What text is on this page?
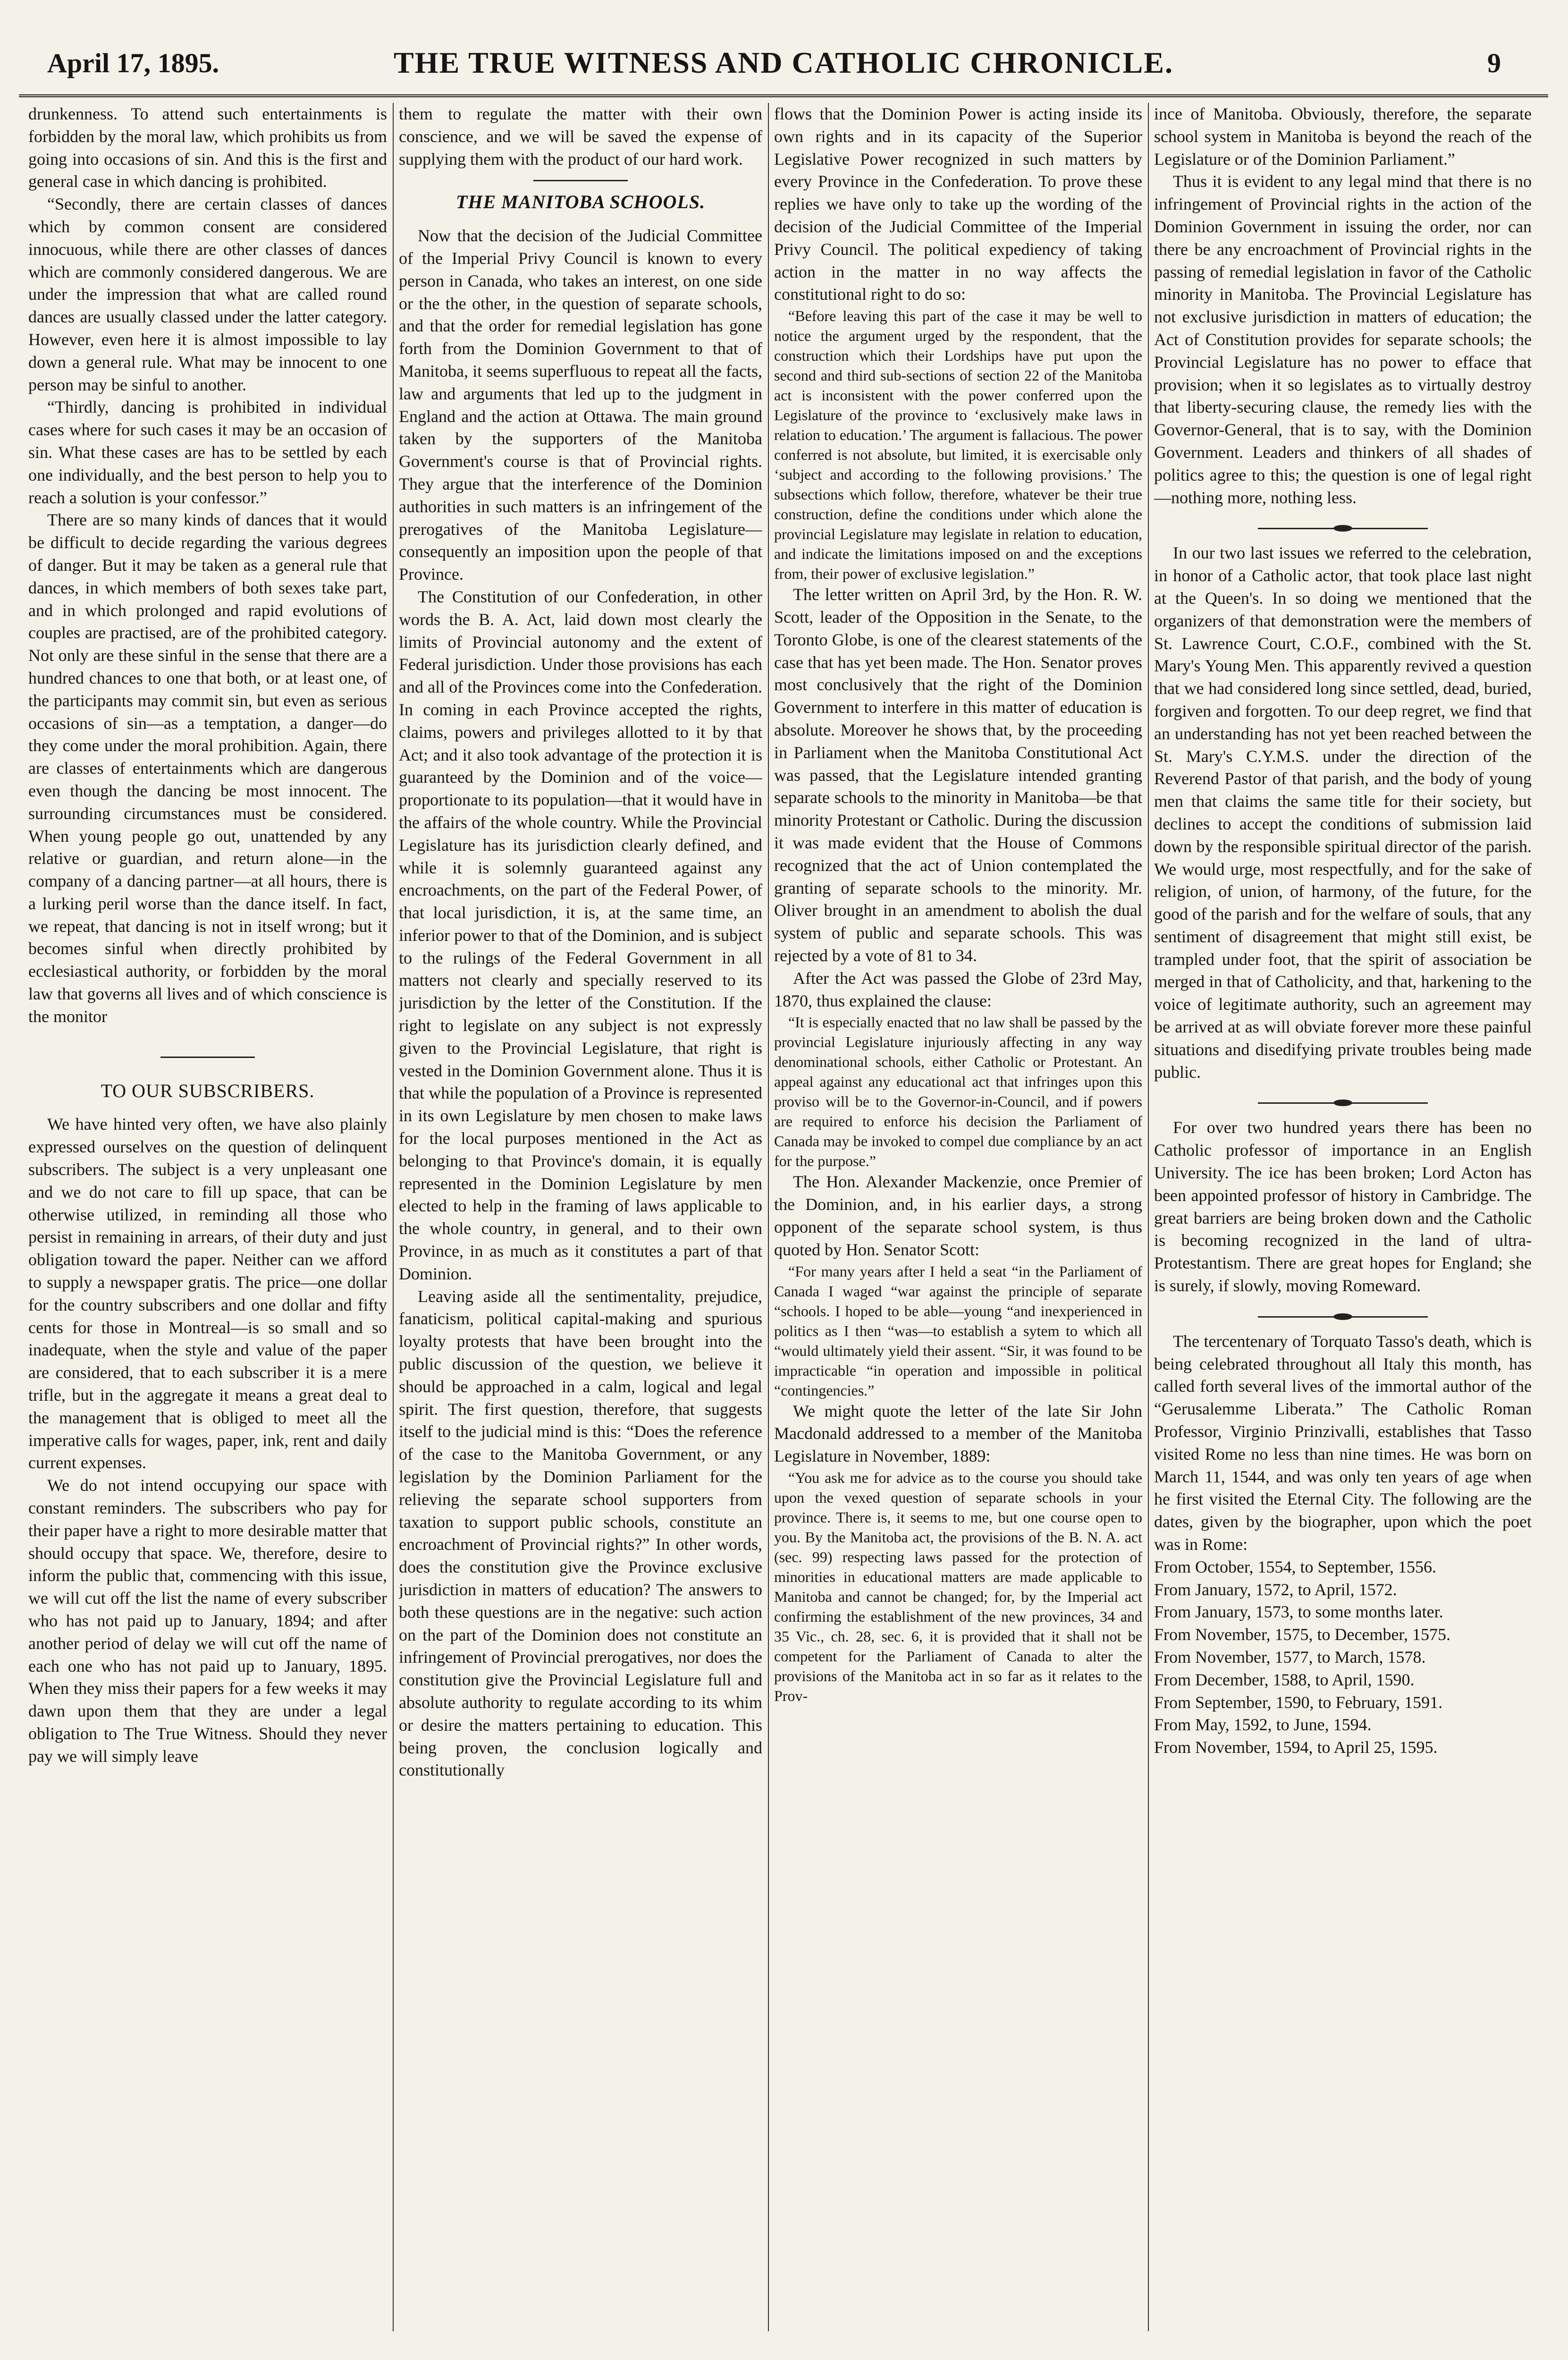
April 17, 1895.	THE TRUE WITNESS AND CATHOLIC CHRONICLE.	9

drunkenness. To attend such entertainments is forbidden by the moral law, which prohibits us from going into occasions of sin. And this is the first and general case in which dancing is prohibited.

“Secondly, there are certain classes of dances which by common consent are considered innocuous, while there are other classes of dances which are commonly considered dangerous. We are under the impression that what are called round dances are usually classed under the latter category. However, even here it is almost impossible to lay down a general rule. What may be innocent to one person may be sinful to another.

“Thirdly, dancing is prohibited in individual cases where for such cases it may be an occasion of sin. What these cases are has to be settled by each one individually, and the best person to help you to reach a solution is your confessor.”

There are so many kinds of dances that it would be difficult to decide regarding the various degrees of danger. But it may be taken as a general rule that dances, in which members of both sexes take part, and in which prolonged and rapid evolutions of couples are practised, are of the prohibited category. Not only are these sinful in the sense that there are a hundred chances to one that both, or at least one, of the participants may commit sin, but even as serious occasions of sin—as a temptation, a danger—do they come under the moral prohibition. Again, there are classes of entertainments which are dangerous even though the dancing be most innocent. The surrounding circumstances must be considered. When young people go out, unattended by any relative or guardian, and return alone—in the company of a dancing partner—at all hours, there is a lurking peril worse than the dance itself. In fact, we repeat, that dancing is not in itself wrong; but it becomes sinful when directly prohibited by ecclesiastical authority, or forbidden by the moral law that governs all lives and of which conscience is the monitor

TO OUR SUBSCRIBERS.

We have hinted very often, we have also plainly expressed ourselves on the question of delinquent subscribers. The subject is a very unpleasant one and we do not care to fill up space, that can be otherwise utilized, in reminding all those who persist in remaining in arrears, of their duty and just obligation toward the paper. Neither can we afford to supply a newspaper gratis. The price—one dollar for the country subscribers and one dollar and fifty cents for those in Montreal—is so small and so inadequate, when the style and value of the paper are considered, that to each subscriber it is a mere trifle, but in the aggregate it means a great deal to the management that is obliged to meet all the imperative calls for wages, paper, ink, rent and daily current expenses.

We do not intend occupying our space with constant reminders. The subscribers who pay for their paper have a right to more desirable matter that should occupy that space. We, therefore, desire to inform the public that, commencing with this issue, we will cut off the list the name of every subscriber who has not paid up to January, 1894; and after another period of delay we will cut off the name of each one who has not paid up to January, 1895. When they miss their papers for a few weeks it may dawn upon them that they are under a legal obligation to The True Witness. Should they never pay we will simply leave

them to regulate the matter with their own conscience, and we will be saved the expense of supplying them with the product of our hard work.

THE MANITOBA SCHOOLS.

Now that the decision of the Judicial Committee of the Imperial Privy Council is known to every person in Canada, who takes an interest, on one side or the the other, in the question of separate schools, and that the order for remedial legislation has gone forth from the Dominion Government to that of Manitoba, it seems superfluous to repeat all the facts, law and arguments that led up to the judgment in England and the action at Ottawa. The main ground taken by the supporters of the Manitoba Government's course is that of Provincial rights. They argue that the interference of the Dominion authorities in such matters is an infringement of the prerogatives of the Manitoba Legislature—consequently an imposition upon the people of that Province.

The Constitution of our Confederation, in other words the B. A. Act, laid down most clearly the limits of Provincial autonomy and the extent of Federal jurisdiction. Under those provisions has each and all of the Provinces come into the Confederation. In coming in each Province accepted the rights, claims, powers and privileges allotted to it by that Act; and it also took advantage of the protection it is guaranteed by the Dominion and of the voice—proportionate to its population—that it would have in the affairs of the whole country. While the Provincial Legislature has its jurisdiction clearly defined, and while it is solemnly guaranteed against any encroachments, on the part of the Federal Power, of that local jurisdiction, it is, at the same time, an inferior power to that of the Dominion, and is subject to the rulings of the Federal Government in all matters not clearly and specially reserved to its jurisdiction by the letter of the Constitution. If the right to legislate on any subject is not expressly given to the Provincial Legislature, that right is vested in the Dominion Government alone. Thus it is that while the population of a Province is represented in its own Legislature by men chosen to make laws for the local purposes mentioned in the Act as belonging to that Province's domain, it is equally represented in the Dominion Legislature by men elected to help in the framing of laws applicable to the whole country, in general, and to their own Province, in as much as it constitutes a part of that Dominion.

Leaving aside all the sentimentality, prejudice, fanaticism, political capital-making and spurious loyalty protests that have been brought into the public discussion of the question, we believe it should be approached in a calm, logical and legal spirit. The first question, therefore, that suggests itself to the judicial mind is this: “Does the reference of the case to the Manitoba Government, or any legislation by the Dominion Parliament for the relieving the separate school supporters from taxation to support public schools, constitute an encroachment of Provincial rights?” In other words, does the constitution give the Province exclusive jurisdiction in matters of education? The answers to both these questions are in the negative: such action on the part of the Dominion does not constitute an infringement of Provincial prerogatives, nor does the constitution give the Provincial Legislature full and absolute authority to regulate according to its whim or desire the matters pertaining to education. This being proven, the conclusion logically and constitutionally

flows that the Dominion Power is acting inside its own rights and in its capacity of the Superior Legislative Power recognized in such matters by every Province in the Confederation. To prove these replies we have only to take up the wording of the decision of the Judicial Committee of the Imperial Privy Council. The political expediency of taking action in the matter in no way affects the constitutional right to do so:

“Before leaving this part of the case it may be well to notice the argument urged by the respondent, that the construction which their Lordships have put upon the second and third sub-sections of section 22 of the Manitoba act is inconsistent with the power conferred upon the Legislature of the province to ‘exclusively make laws in relation to education.’ The argument is fallacious. The power conferred is not absolute, but limited, it is exercisable only ‘subject and according to the following provisions.’ The subsections which follow, therefore, whatever be their true construction, define the conditions under which alone the provincial Legislature may legislate in relation to education, and indicate the limitations imposed on and the exceptions from, their power of exclusive legislation.”

The letter written on April 3rd, by the Hon. R. W. Scott, leader of the Opposition in the Senate, to the Toronto Globe, is one of the clearest statements of the case that has yet been made. The Hon. Senator proves most conclusively that the right of the Dominion Government to interfere in this matter of education is absolute. Moreover he shows that, by the proceeding in Parliament when the Manitoba Constitutional Act was passed, that the Legislature intended granting separate schools to the minority in Manitoba—be that minority Protestant or Catholic. During the discussion it was made evident that the House of Commons recognized that the act of Union contemplated the granting of separate schools to the minority. Mr. Oliver brought in an amendment to abolish the dual system of public and separate schools. This was rejected by a vote of 81 to 34.

After the Act was passed the Globe of 23rd May, 1870, thus explained the clause:

“It is especially enacted that no law shall be passed by the provincial Legislature injuriously affecting in any way denominational schools, either Catholic or Protestant. An appeal against any educational act that infringes upon this proviso will be to the Governor-in-Council, and if powers are required to enforce his decision the Parliament of Canada may be invoked to compel due compliance by an act for the purpose.”

The Hon. Alexander Mackenzie, once Premier of the Dominion, and, in his earlier days, a strong opponent of the separate school system, is thus quoted by Hon. Senator Scott:

“For many years after I held a seat “in the Parliament of Canada I waged “war against the principle of separate “schools. I hoped to be able—young “and inexperienced in politics as I then “was—to establish a sytem to which all “would ultimately yield their assent. “Sir, it was found to be impracticable “in operation and impossible in political “contingencies.”

We might quote the letter of the late Sir John Macdonald addressed to a member of the Manitoba Legislature in November, 1889:

“You ask me for advice as to the course you should take upon the vexed question of separate schools in your province. There is, it seems to me, but one course open to you. By the Manitoba act, the provisions of the B. N. A. act (sec. 99) respecting laws passed for the protection of minorities in educational matters are made applicable to Manitoba and cannot be changed; for, by the Imperial act confirming the establishment of the new provinces, 34 and 35 Vic., ch. 28, sec. 6, it is provided that it shall not be competent for the Parliament of Canada to alter the provisions of the Manitoba act in so far as it relates to the Prov-

ince of Manitoba. Obviously, therefore, the separate school system in Manitoba is beyond the reach of the Legislature or of the Dominion Parliament.”

Thus it is evident to any legal mind that there is no infringement of Provincial rights in the action of the Dominion Government in issuing the order, nor can there be any encroachment of Provincial rights in the passing of remedial legislation in favor of the Catholic minority in Manitoba. The Provincial Legislature has not exclusive jurisdiction in matters of education; the Act of Constitution provides for separate schools; the Provincial Legislature has no power to efface that provision; when it so legislates as to virtually destroy that liberty-securing clause, the remedy lies with the Governor-General, that is to say, with the Dominion Government. Leaders and thinkers of all shades of politics agree to this; the question is one of legal right—nothing more, nothing less.

In our two last issues we referred to the celebration, in honor of a Catholic actor, that took place last night at the Queen's. In so doing we mentioned that the organizers of that demonstration were the members of St. Lawrence Court, C.O.F., combined with the St. Mary's Young Men. This apparently revived a question that we had considered long since settled, dead, buried, forgiven and forgotten. To our deep regret, we find that an understanding has not yet been reached between the St. Mary's C.Y.M.S. under the direction of the Reverend Pastor of that parish, and the body of young men that claims the same title for their society, but declines to accept the conditions of submission laid down by the responsible spiritual director of the parish. We would urge, most respectfully, and for the sake of religion, of union, of harmony, of the future, for the good of the parish and for the welfare of souls, that any sentiment of disagreement that might still exist, be trampled under foot, that the spirit of association be merged in that of Catholicity, and that, harkening to the voice of legitimate authority, such an agreement may be arrived at as will obviate forever more these painful situations and disedifying private troubles being made public.

For over two hundred years there has been no Catholic professor of importance in an English University. The ice has been broken; Lord Acton has been appointed professor of history in Cambridge. The great barriers are being broken down and the Catholic is becoming recognized in the land of ultra-Protestantism. There are great hopes for England; she is surely, if slowly, moving Romeward.

The tercentenary of Torquato Tasso's death, which is being celebrated throughout all Italy this month, has called forth several lives of the immortal author of the “Gerusalemme Liberata.” The Catholic Roman Professor, Virginio Prinzivalli, establishes that Tasso visited Rome no less than nine times. He was born on March 11, 1544, and was only ten years of age when he first visited the Eternal City. The following are the dates, given by the biographer, upon which the poet was in Rome:

From October, 1554, to September, 1556.

From January, 1572, to April, 1572.

From January, 1573, to some months later.

From November, 1575, to December, 1575.

From November, 1577, to March, 1578.

From December, 1588, to April, 1590.

From September, 1590, to February, 1591.

From May, 1592, to June, 1594.

From November, 1594, to April 25, 1595.
